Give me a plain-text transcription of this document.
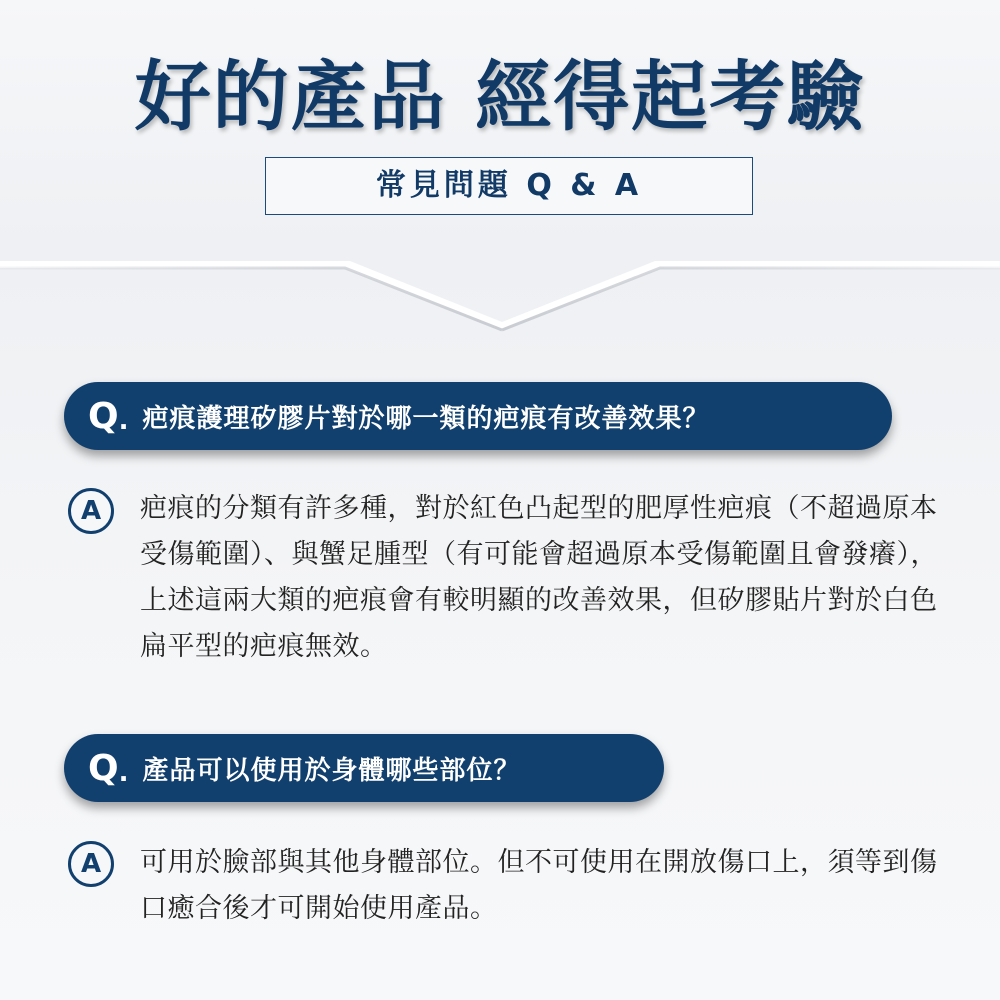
好的產品 經得起考驗
常見問題 Q & A
Q . 疤痕護理矽膠片對於哪一類的疤痕有改善效果？
A	疤痕的分類有許多種，對於紅色凸起型的肥厚性疤痕（不超過原本受傷範圍）、與蟹足腫型（有可能會超過原本受傷範圍且會發癢），上述這兩大類的疤痕會有較明顯的改善效果，但矽膠貼片對於白色扁平型的疤痕無效。
Q . 產品可以使用於身體哪些部位？
A	可用於臉部與其他身體部位。但不可使用在開放傷口上，須等到傷口癒合後才可開始使用產品。
